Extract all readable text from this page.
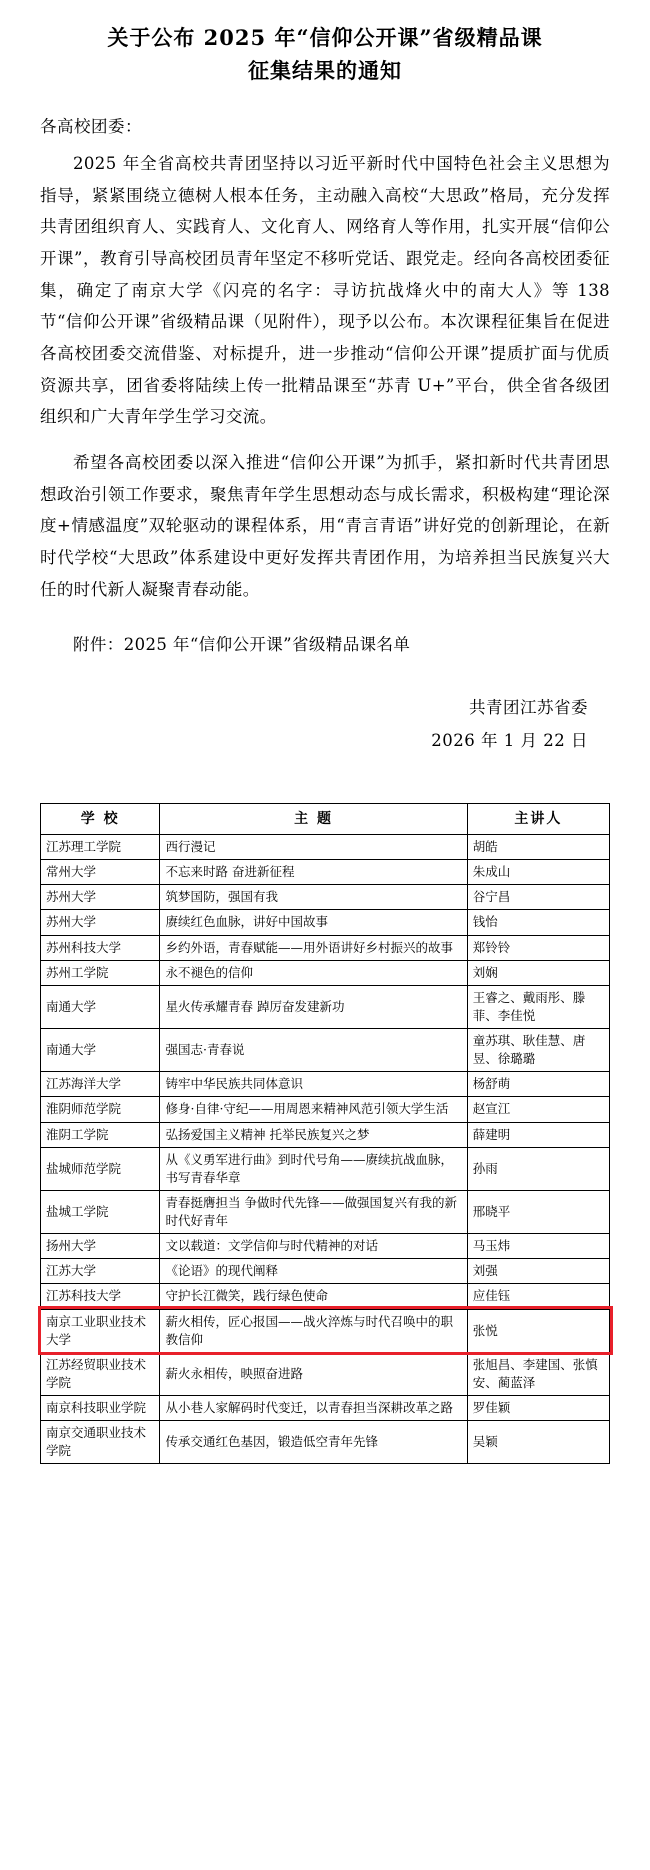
关于公布 2025 年“信仰公开课”省级精品课
征集结果的通知
各高校团委：

2025 年全省高校共青团坚持以习近平新时代中国特色社会主义思想为指导，紧紧围绕立德树人根本任务，主动融入高校“大思政”格局，充分发挥共青团组织育人、实践育人、文化育人、网络育人等作用，扎实开展“信仰公开课”，教育引导高校团员青年坚定不移听党话、跟党走。经向各高校团委征集，确定了南京大学《闪亮的名字：寻访抗战烽火中的南大人》等 138 节“信仰公开课”省级精品课（见附件），现予以公布。本次课程征集旨在促进各高校团委交流借鉴、对标提升，进一步推动“信仰公开课”提质扩面与优质资源共享，团省委将陆续上传一批精品课至“苏青 U+”平台，供全省各级团组织和广大青年学生学习交流。

希望各高校团委以深入推进“信仰公开课”为抓手，紧扣新时代共青团思想政治引领工作要求，聚焦青年学生思想动态与成长需求，积极构建“理论深度+情感温度”双轮驱动的课程体系，用“青言青语”讲好党的创新理论，在新时代学校“大思政”体系建设中更好发挥共青团作用，为培养担当民族复兴大任的时代新人凝聚青春动能。

附件：2025 年“信仰公开课”省级精品课名单

共青团江苏省委
2026 年 1 月 22 日
学 校	主 题	主讲人
江苏理工学院	西行漫记	胡皓
常州大学	不忘来时路 奋进新征程	朱成山
苏州大学	筑梦国防，强国有我	谷宁昌
苏州大学	赓续红色血脉，讲好中国故事	钱怡
苏州科技大学	乡约外语，青春赋能——用外语讲好乡村振兴的故事	郑铃铃
苏州工学院	永不褪色的信仰	刘娴
南通大学	星火传承耀青春 踔厉奋发建新功	王睿之、戴雨彤、滕菲、李佳悦
南通大学	强国志·青春说	童苏琪、耿佳慧、唐昱、徐璐璐
江苏海洋大学	铸牢中华民族共同体意识	杨舒萌
淮阴师范学院	修身·自律·守纪——用周恩来精神风范引领大学生活	赵宣江
淮阴工学院	弘扬爱国主义精神 托举民族复兴之梦	薛建明
盐城师范学院	从《义勇军进行曲》到时代号角——赓续抗战血脉，书写青春华章	孙雨
盐城工学院	青春挺膺担当 争做时代先锋——做强国复兴有我的新时代好青年	邢晓平
扬州大学	文以载道：文学信仰与时代精神的对话	马玉炜
江苏大学	《论语》的现代阐释	刘强
江苏科技大学	守护长江微笑，践行绿色使命	应佳钰
南京工业职业技术大学	薪火相传，匠心报国——战火淬炼与时代召唤中的职教信仰	张悦
江苏经贸职业技术学院	薪火永相传，映照奋进路	张旭昌、李建国、张慎安、蔺蓝泽
南京科技职业学院	从小巷人家解码时代变迁，以青春担当深耕改革之路	罗佳颖
南京交通职业技术学院	传承交通红色基因，锻造低空青年先锋	吴颖
